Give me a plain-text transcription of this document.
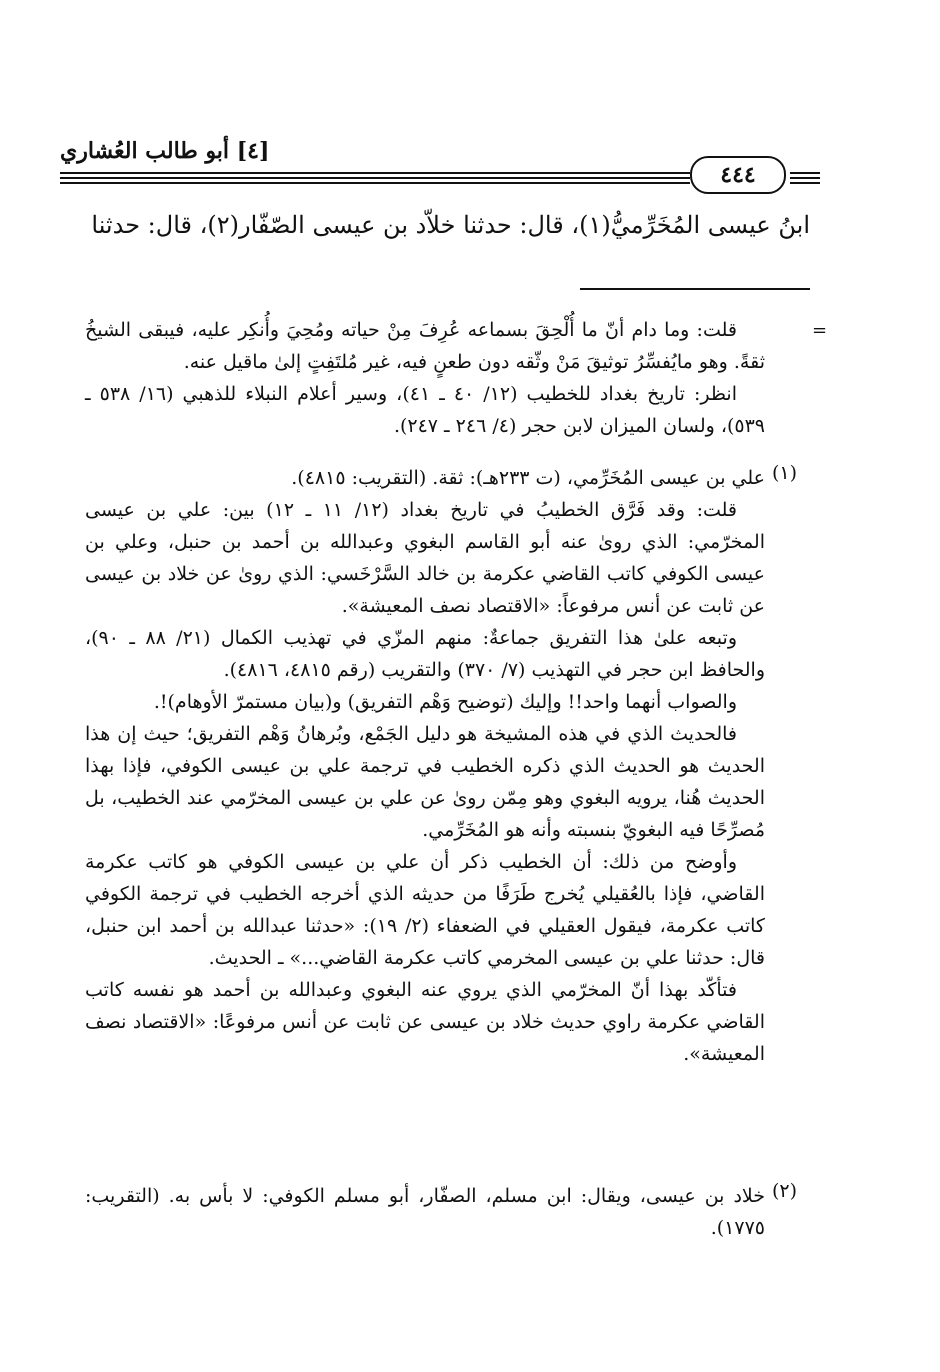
[٤] أبو طالب العُشاري
٤٤٤
ابنُ عيسى المُخَرِّميُّ(١)، قال: حدثنا خلاّد بن عيسى الصّفّار(٢)، قال: حدثنا
=

قلت: وما دام أنّ ما أُلْحِقَ بسماعه عُرِفَ مِنْ حياته ومُحِيَ وأُنكِر عليه، فيبقى الشيخُ ثقةً. وهو مايُفسِّرُ توثيقَ مَنْ وثّقه دون طعنٍ فيه، غير مُلتَفِتٍ إلىٰ ماقيل عنه.

انظر: تاريخ بغداد للخطيب (١٢/ ٤٠ ـ ٤١)، وسير أعلام النبلاء للذهبي (١٦/ ٥٣٨ ـ ٥٣٩)، ولسان الميزان لابن حجر (٤/ ٢٤٦ ـ ٢٤٧).

(١)

علي بن عيسى المُخَرِّمي، (ت ٢٣٣هـ): ثقة. (التقريب: ٤٨١٥).

قلت: وقد فَرَّق الخطيبُ في تاريخ بغداد (١٢/ ١١ ـ ١٢) بين: علي بن عيسى المخرّمي: الذي روىٰ عنه أبو القاسم البغوي وعبدالله بن أحمد بن حنبل، وعلي بن عيسى الكوفي كاتب القاضي عكرمة بن خالد السَّرْخَسي: الذي روىٰ عن خلاد بن عيسى عن ثابت عن أنس مرفوعاً: «الاقتصاد نصف المعيشة».

وتبعه علىٰ هذا التفريق جماعةٌ: منهم المزّي في تهذيب الكمال (٢١/ ٨٨ ـ ٩٠)، والحافظ ابن حجر في التهذيب (٧/ ٣٧٠) والتقريب (رقم ٤٨١٥، ٤٨١٦).

والصواب أنهما واحد!! وإليك (توضيح وَهْم التفريق) و(بيان مستمرّ الأوهام)!.

فالحديث الذي في هذه المشيخة هو دليل الجَمْع، وبُرهانُ وَهْم التفريق؛ حيث إن هذا الحديث هو الحديث الذي ذكره الخطيب في ترجمة علي بن عيسى الكوفي، فإذا بهذا الحديث هُنا، يرويه البغوي وهو مِمّن روىٰ عن علي بن عيسى المخرّمي عند الخطيب، بل مُصرِّحًا فيه البغويّ بنسبته وأنه هو المُخَرِّمي.

وأوضح من ذلك: أن الخطيب ذكر أن علي بن عيسى الكوفي هو كاتب عكرمة القاضي، فإذا بالعُقيلي يُخرج طَرَفًا من حديثه الذي أخرجه الخطيب في ترجمة الكوفي كاتب عكرمة، فيقول العقيلي في الضعفاء (٢/ ١٩): «حدثنا عبدالله بن أحمد ابن حنبل، قال: حدثنا علي بن عيسى المخرمي كاتب عكرمة القاضي...» ـ الحديث.

فتأكّد بهذا أنّ المخرّمي الذي يروي عنه البغوي وعبدالله بن أحمد هو نفسه كاتب القاضي عكرمة راوي حديث خلاد بن عيسى عن ثابت عن أنس مرفوعًا: «الاقتصاد نصف المعيشة».

(٢)

خلاد بن عيسى، ويقال: ابن مسلم، الصفّار، أبو مسلم الكوفي: لا بأس به. (التقريب: ١٧٧٥).
